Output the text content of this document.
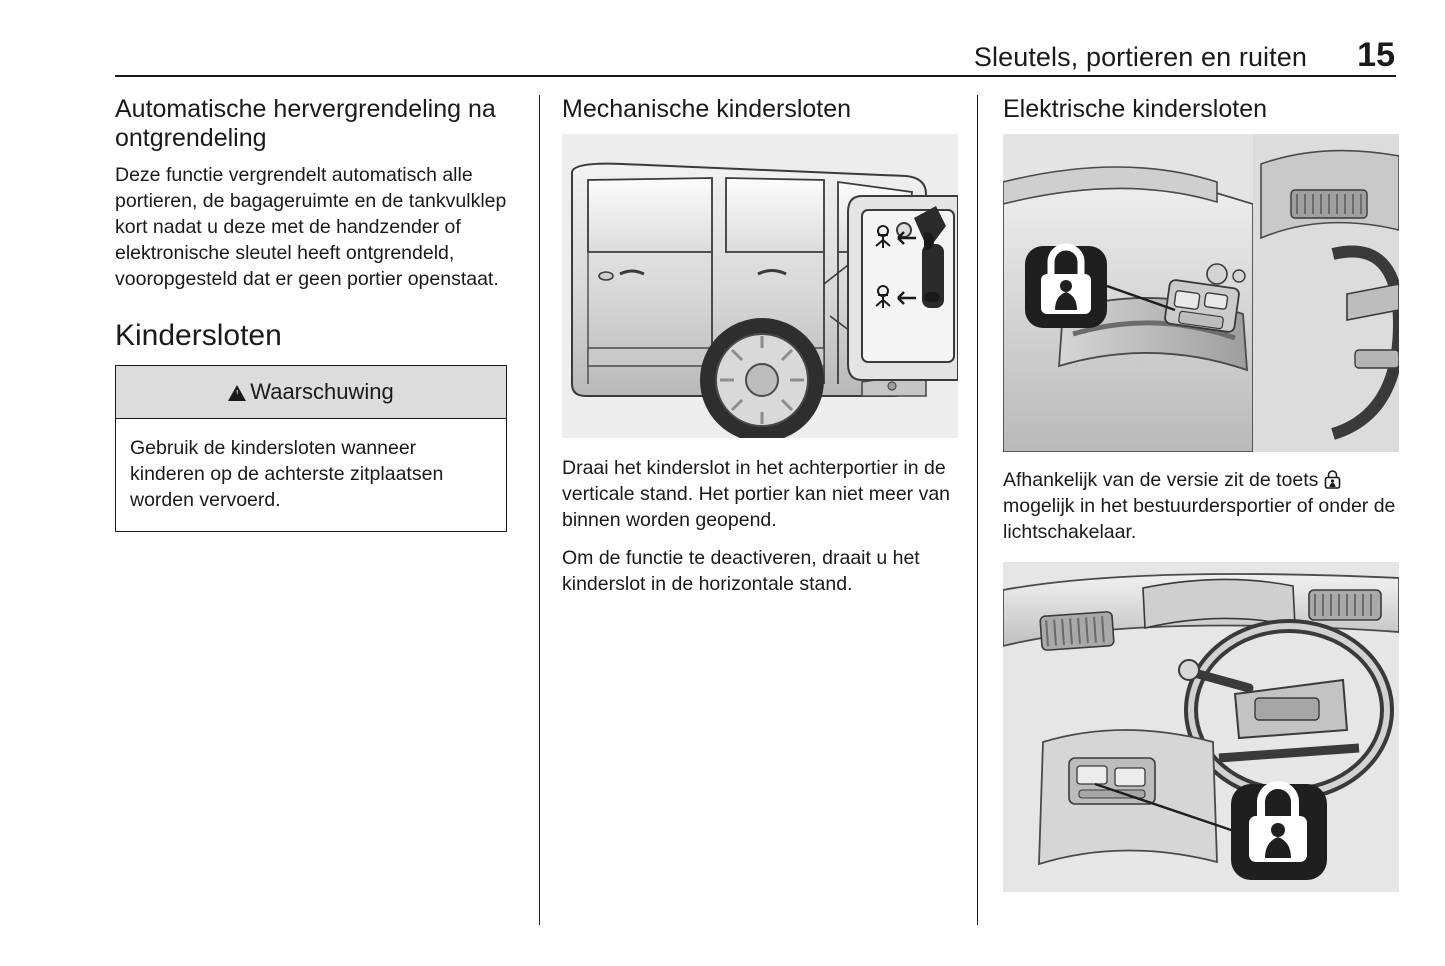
Sleutels, portieren en ruiten	15
Automatische hervergrendeling na ontgrendeling

Deze functie vergrendelt automatisch alle portieren, de bagageruimte en de tankvulklep kort nadat u deze met de handzender of elektronische sleutel heeft ontgrendeld, vooropgesteld dat er geen portier openstaat.

Kindersloten
Waarschuwing
Gebruik de kindersloten wanneer kinderen op de achterste zitplaatsen worden vervoerd.
Mechanische kindersloten

Draai het kinderslot in het achterportier in de verticale stand. Het portier kan niet meer van binnen worden geopend.

Om de functie te deactiveren, draait u het kinderslot in de horizontale stand.

Elektrische kindersloten

Afhankelijk van de versie zit de toets  mogelijk in het bestuurdersportier of onder de lichtschakelaar.
